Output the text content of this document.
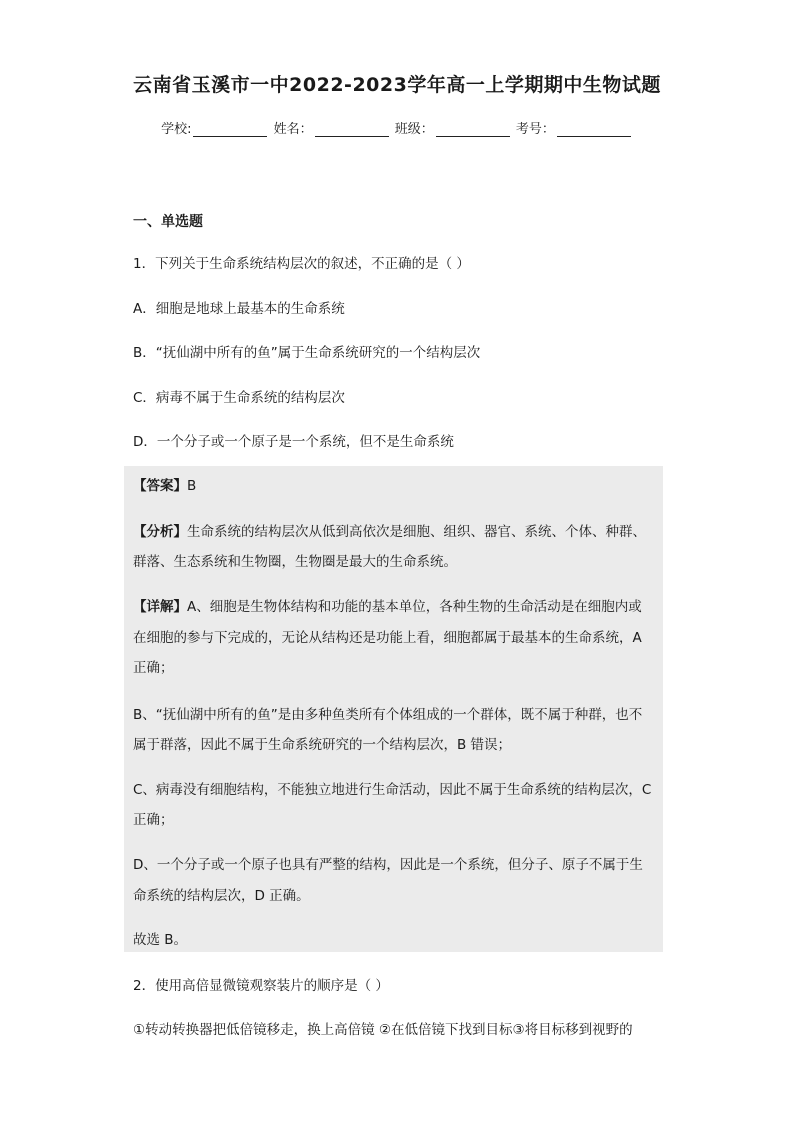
云南省玉溪市一中2022-2023学年高一上学期期中生物试题
学校:	姓名：	班级：	考号：
一、单选题
1．下列关于生命系统结构层次的叙述，不正确的是（ ）
A．细胞是地球上最基本的生命系统
B．“抚仙湖中所有的鱼”属于生命系统研究的一个结构层次
C．病毒不属于生命系统的结构层次
D．一个分子或一个原子是一个系统，但不是生命系统
【答案】B
【分析】生命系统的结构层次从低到高依次是细胞、组织、器官、系统、个体、种群、
群落、生态系统和生物圈，生物圈是最大的生命系统。
【详解】A、细胞是生物体结构和功能的基本单位，各种生物的生命活动是在细胞内或
在细胞的参与下完成的，无论从结构还是功能上看，细胞都属于最基本的生命系统，A
正确；
B、“抚仙湖中所有的鱼”是由多种鱼类所有个体组成的一个群体，既不属于种群，也不
属于群落，因此不属于生命系统研究的一个结构层次，B 错误；
C、病毒没有细胞结构，不能独立地进行生命活动，因此不属于生命系统的结构层次，C
正确；
D、一个分子或一个原子也具有严整的结构，因此是一个系统，但分子、原子不属于生
命系统的结构层次，D 正确。
故选 B。
2．使用高倍显微镜观察装片的顺序是（ ）
①转动转换器把低倍镜移走，换上高倍镜 ②在低倍镜下找到目标③将目标移到视野的
